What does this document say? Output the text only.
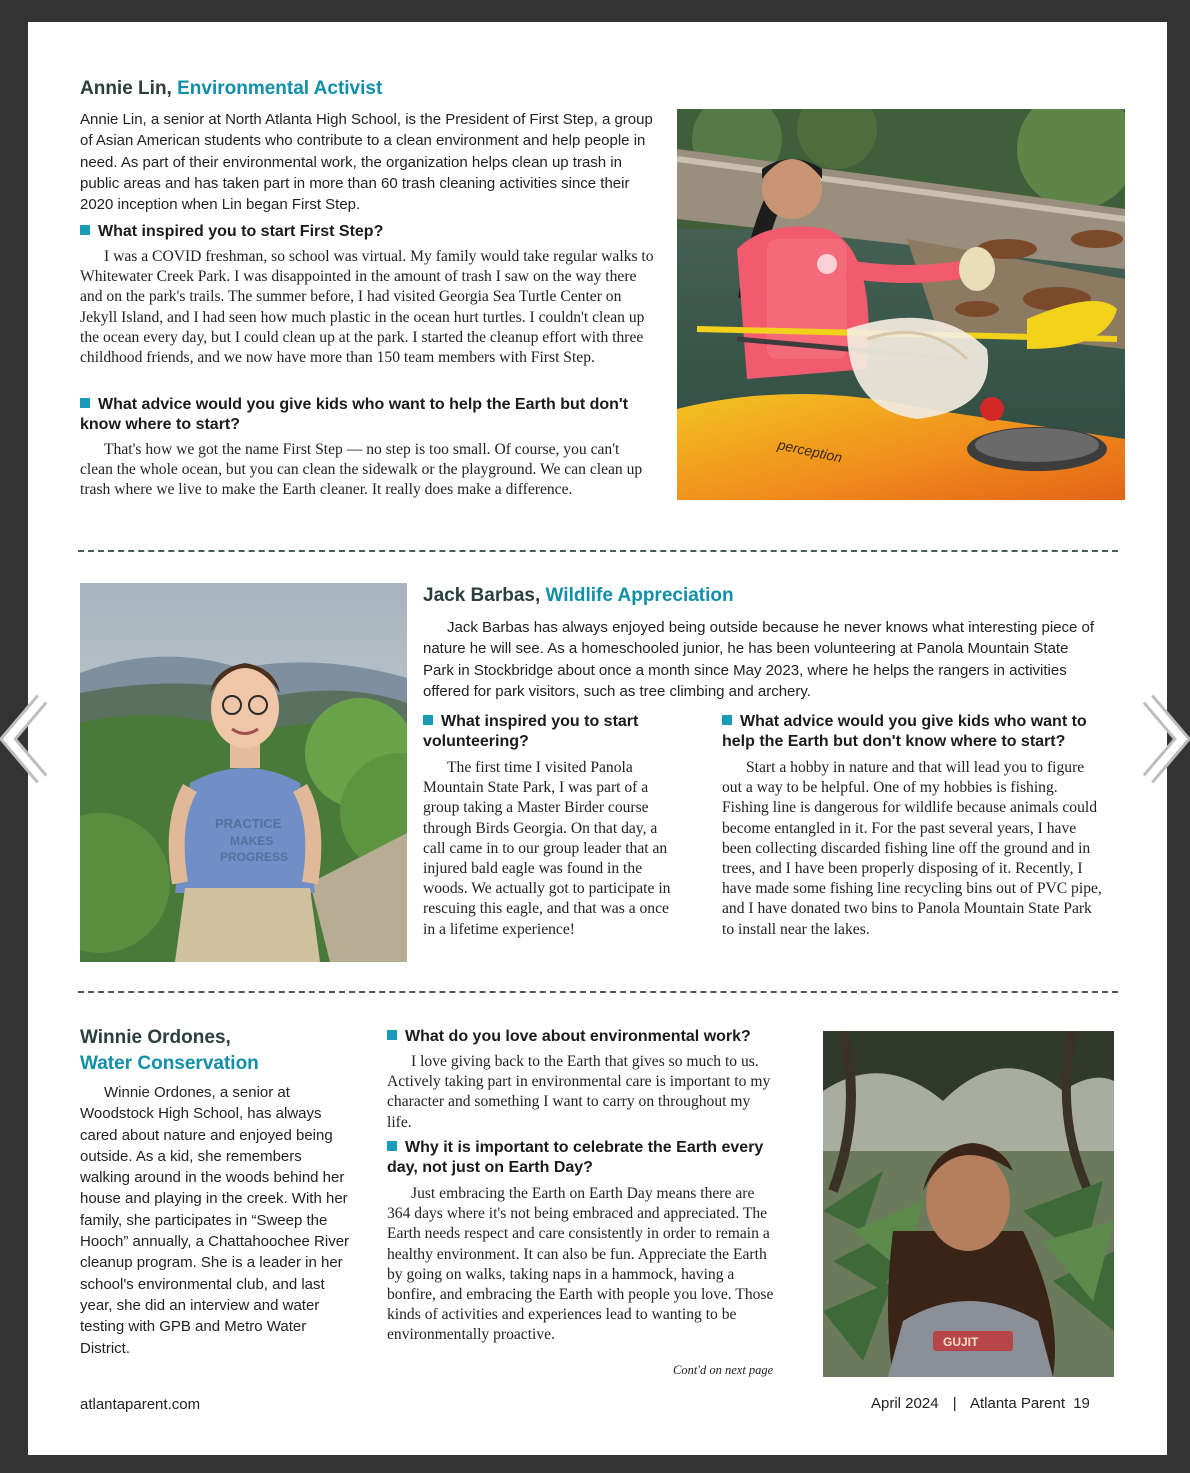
Annie Lin, Environmental Activist
Annie Lin, a senior at North Atlanta High School, is the President of First Step, a group of Asian American students who contribute to a clean environment and help people in need. As part of their environmental work, the organization helps clean up trash in public areas and has taken part in more than 60 trash cleaning activities since their 2020 inception when Lin began First Step.
What inspired you to start First Step?
I was a COVID freshman, so school was virtual. My family would take regular walks to Whitewater Creek Park. I was disappointed in the amount of trash I saw on the way there and on the park's trails. The summer before, I had visited Georgia Sea Turtle Center on Jekyll Island, and I had seen how much plastic in the ocean hurt turtles. I couldn't clean up the ocean every day, but I could clean up at the park. I started the cleanup effort with three childhood friends, and we now have more than 150 team members with First Step.
What advice would you give kids who want to help the Earth but don't know where to start?
That's how we got the name First Step — no step is too small. Of course, you can't clean the whole ocean, but you can clean the sidewalk or the playground. We can clean up trash where we live to make the Earth cleaner. It really does make a difference.
perception
PRACTICE
MAKES
PROGRESS
Jack Barbas, Wildlife Appreciation
Jack Barbas has always enjoyed being outside because he never knows what interesting piece of nature he will see. As a homeschooled junior, he has been volunteering at Panola Mountain State Park in Stockbridge about once a month since May 2023, where he helps the rangers in activities offered for park visitors, such as tree climbing and archery.
What inspired you to start volunteering?
The first time I visited Panola Mountain State Park, I was part of a group taking a Master Birder course through Birds Georgia. On that day, a call came in to our group leader that an injured bald eagle was found in the woods. We actually got to participate in rescuing this eagle, and that was a once in a lifetime experience!
What advice would you give kids who want to help the Earth but don't know where to start?
Start a hobby in nature and that will lead you to figure out a way to be helpful. One of my hobbies is fishing. Fishing line is dangerous for wildlife because animals could become entangled in it. For the past several years, I have been collecting discarded fishing line off the ground and in trees, and I have been properly disposing of it. Recently, I have made some fishing line recycling bins out of PVC pipe, and I have donated two bins to Panola Mountain State Park to install near the lakes.
Winnie Ordones,
Water Conservation
Winnie Ordones, a senior at Woodstock High School, has always cared about nature and enjoyed being outside. As a kid, she remembers walking around in the woods behind her house and playing in the creek. With her family, she participates in “Sweep the Hooch” annually, a Chattahoochee River cleanup program. She is a leader in her school's environmental club, and last year, she did an interview and water testing with GPB and Metro Water District.
What do you love about environmental work?
I love giving back to the Earth that gives so much to us. Actively taking part in environmental care is important to my character and something I want to carry on throughout my life.
Why it is important to celebrate the Earth every day, not just on Earth Day?
Just embracing the Earth on Earth Day means there are 364 days where it's not being embraced and appreciated. The Earth needs respect and care consistently in order to remain a healthy environment. It can also be fun. Appreciate the Earth by going on walks, taking naps in a hammock, having a bonfire, and embracing the Earth with people you love. Those kinds of activities and experiences lead to wanting to be environmentally proactive.
Cont'd on next page
GUJIT
atlantaparent.com	April 2024 | Atlanta Parent 19
